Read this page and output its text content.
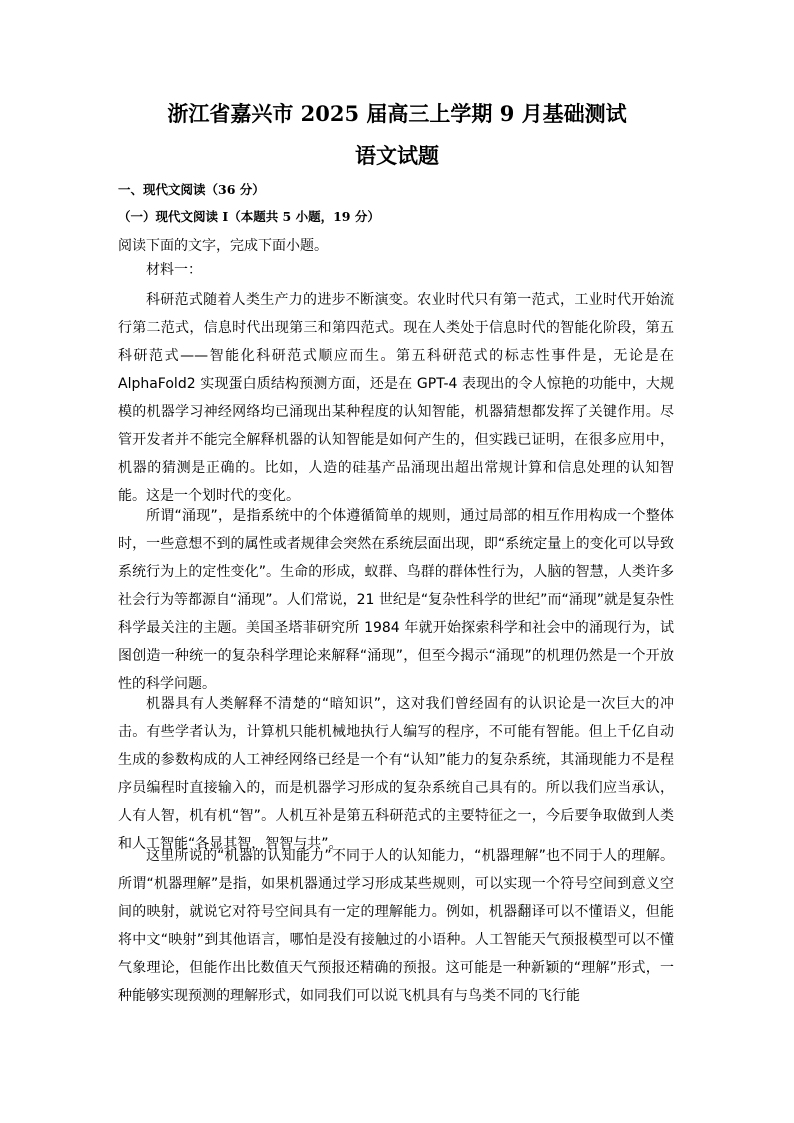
浙江省嘉兴市 2025 届高三上学期 9 月基础测试
语文试题
一、现代文阅读（36 分）
（一）现代文阅读 I（本题共 5 小题，19 分）
阅读下面的文字，完成下面小题。
材料一：
科研范式随着人类生产力的进步不断演变。农业时代只有第一范式，工业时代开始流行第二范式，信息时代出现第三和第四范式。现在人类处于信息时代的智能化阶段，第五科研范式——智能化科研范式顺应而生。第五科研范式的标志性事件是，无论是在 AlphaFold2 实现蛋白质结构预测方面，还是在 GPT-4 表现出的令人惊艳的功能中，大规模的机器学习神经网络均已涌现出某种程度的认知智能，机器猜想都发挥了关键作用。尽管开发者并不能完全解释机器的认知智能是如何产生的，但实践已证明，在很多应用中，机器的猜测是正确的。比如，人造的硅基产品涌现出超出常规计算和信息处理的认知智能。这是一个划时代的变化。
所谓“涌现”，是指系统中的个体遵循简单的规则，通过局部的相互作用构成一个整体时，一些意想不到的属性或者规律会突然在系统层面出现，即“系统定量上的变化可以导致系统行为上的定性变化”。生命的形成，蚁群、鸟群的群体性行为，人脑的智慧，人类许多社会行为等都源自“涌现”。人们常说，21 世纪是“复杂性科学的世纪”而“涌现”就是复杂性科学最关注的主题。美国圣塔菲研究所 1984 年就开始探索科学和社会中的涌现行为，试图创造一种统一的复杂科学理论来解释“涌现”，但至今揭示“涌现”的机理仍然是一个开放性的科学问题。
机器具有人类解释不清楚的“暗知识”，这对我们曾经固有的认识论是一次巨大的冲击。有些学者认为，计算机只能机械地执行人编写的程序，不可能有智能。但上千亿自动生成的参数构成的人工神经网络已经是一个有“认知”能力的复杂系统，其涌现能力不是程序员编程时直接输入的，而是机器学习形成的复杂系统自己具有的。所以我们应当承认，人有人智，机有机“智”。人机互补是第五科研范式的主要特征之一，今后要争取做到人类和人工智能“各显其智，智智与共”。
这里所说的“机器的认知能力”不同于人的认知能力，“机器理解”也不同于人的理解。所谓“机器理解”是指，如果机器通过学习形成某些规则，可以实现一个符号空间到意义空间的映射，就说它对符号空间具有一定的理解能力。例如，机器翻译可以不懂语义，但能将中文“映射”到其他语言，哪怕是没有接触过的小语种。人工智能天气预报模型可以不懂气象理论，但能作出比数值天气预报还精确的预报。这可能是一种新颖的“理解”形式，一种能够实现预测的理解形式，如同我们可以说飞机具有与鸟类不同的飞行能
